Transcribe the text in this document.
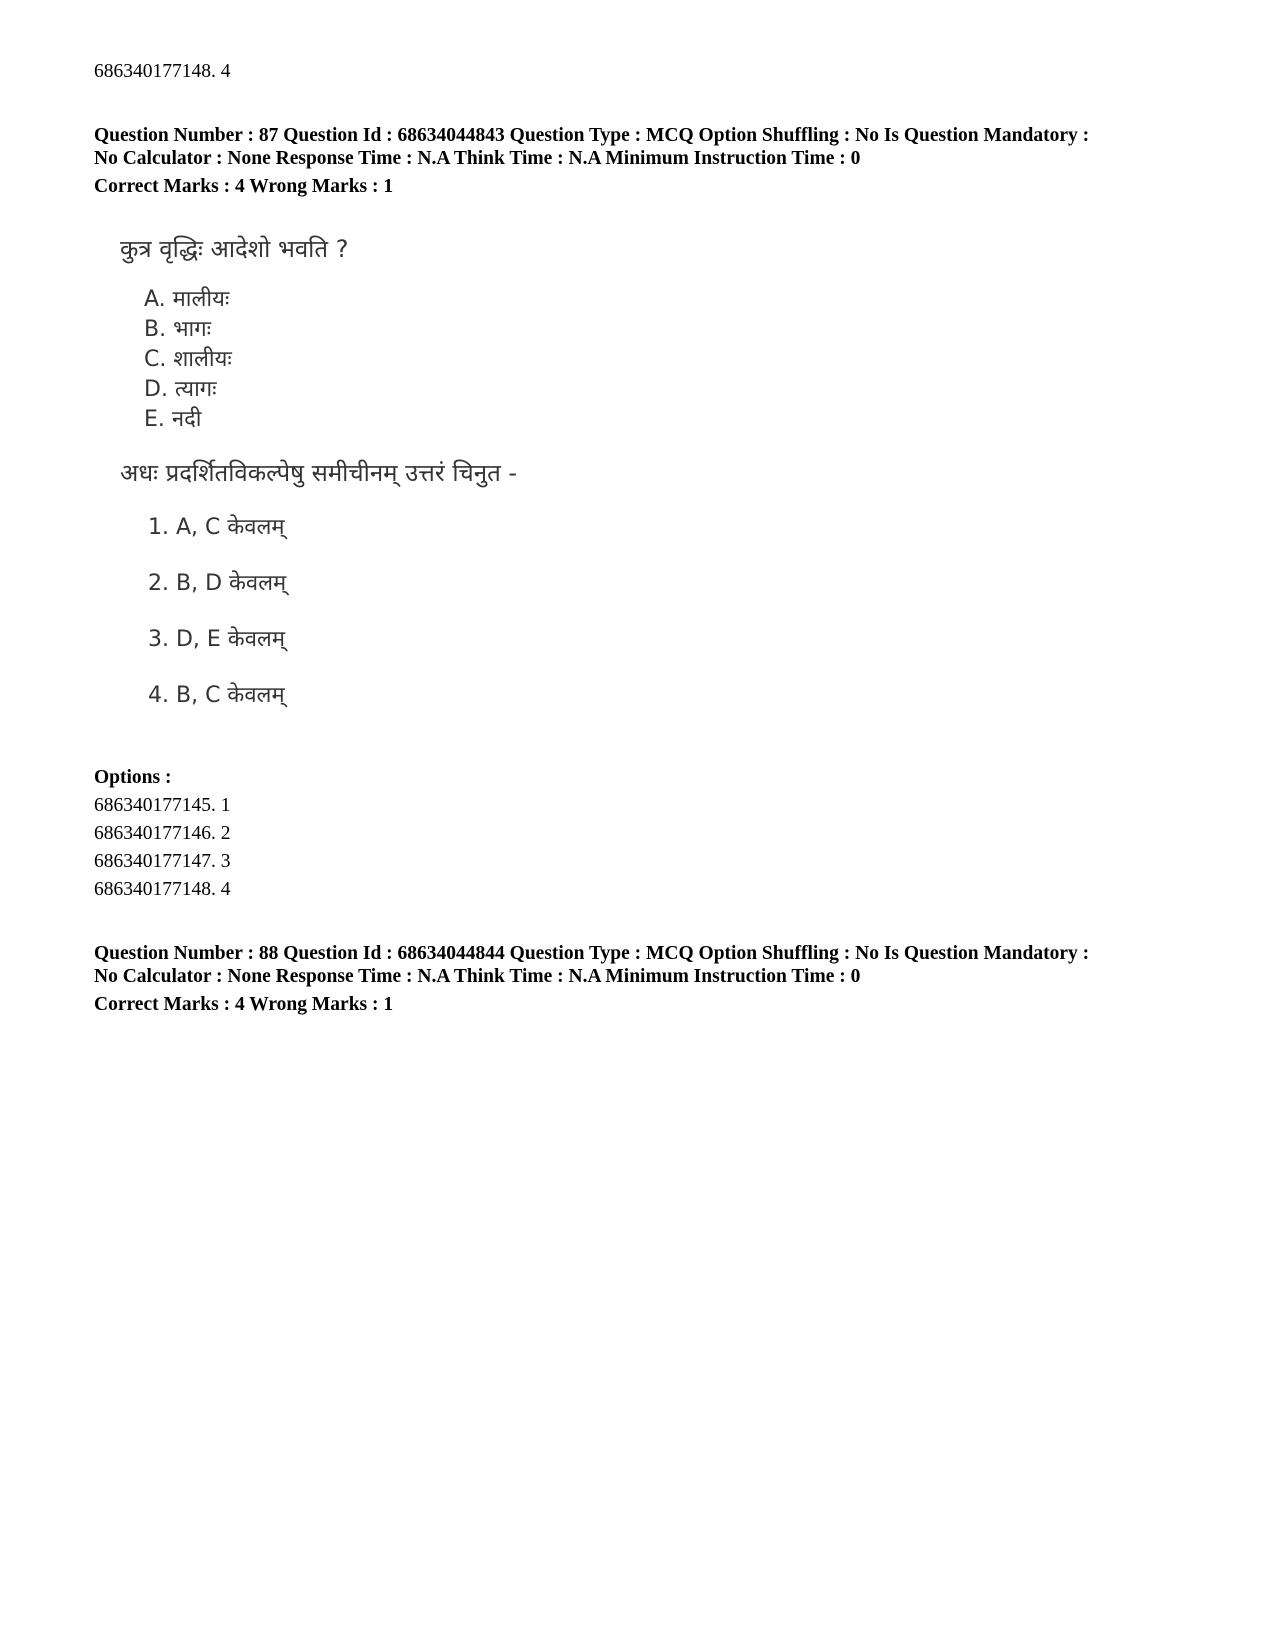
686340177148. 4
Question Number : 87 Question Id : 68634044843 Question Type : MCQ Option Shuffling : No Is Question Mandatory :
No Calculator : None Response Time : N.A Think Time : N.A Minimum Instruction Time : 0
Correct Marks : 4 Wrong Marks : 1
कुत्र वृद्धिः आदेशो भवति ?
A. मालीयः
B. भागः
C. शालीयः
D. त्यागः
E. नदी
अधः प्रदर्शितविकल्पेषु समीचीनम् उत्तरं चिनुत -
1. A, C केवलम्
2. B, D केवलम्
3. D, E केवलम्
4. B, C केवलम्
Options :
686340177145. 1
686340177146. 2
686340177147. 3
686340177148. 4
Question Number : 88 Question Id : 68634044844 Question Type : MCQ Option Shuffling : No Is Question Mandatory :
No Calculator : None Response Time : N.A Think Time : N.A Minimum Instruction Time : 0
Correct Marks : 4 Wrong Marks : 1
